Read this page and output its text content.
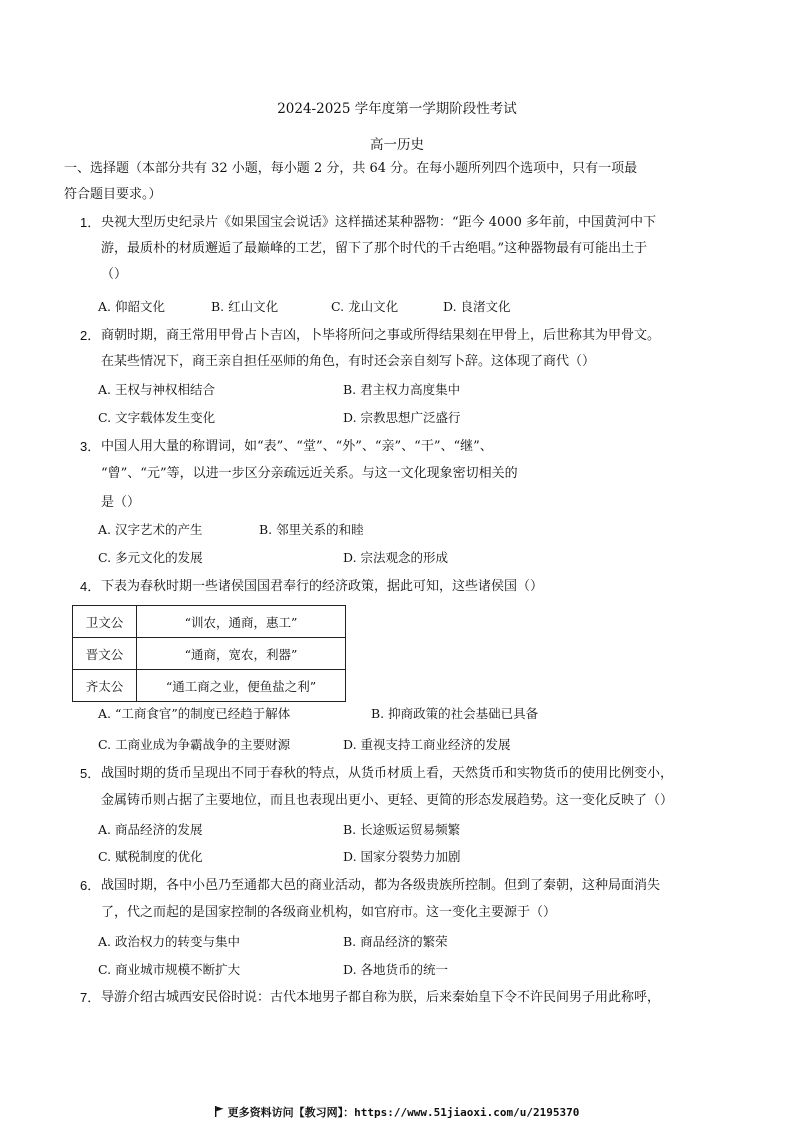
2024-2025 学年度第一学期阶段性考试
高一历史
一、选择题（本部分共有 32 小题，每小题 2 分，共 64 分。在每小题所列四个选项中，只有一项最
符合题目要求。）
1． 央视大型历史纪录片《如果国宝会说话》这样描述某种器物：“距今 4000 多年前，中国黄河中下
游，最质朴的材质邂逅了最巅峰的工艺，留下了那个时代的千古绝唱。”这种器物最有可能出土于
（）
A. 仰韶文化	B. 红山文化	C. 龙山文化	D. 良渚文化
2． 商朝时期，商王常用甲骨占卜吉凶，卜毕将所问之事或所得结果刻在甲骨上，后世称其为甲骨文。
在某些情况下，商王亲自担任巫师的角色，有时还会亲自刻写卜辞。这体现了商代（）
A. 王权与神权相结合	B. 君主权力高度集中
C. 文字载体发生变化	D. 宗教思想广泛盛行
3． 中国人用大量的称谓词，如“表”、“堂”、“外”、“亲”、“干”、“继”、
“曾”、“元”等，以进一步区分亲疏远近关系。与这一文化现象密切相关的
是（）
A. 汉字艺术的产生	B. 邻里关系的和睦
C. 多元文化的发展	D. 宗法观念的形成
4． 下表为春秋时期一些诸侯国国君奉行的经济政策，据此可知，这些诸侯国（）
卫文公	“训农，通商，惠工”
晋文公	“通商，宽农，利器”
齐太公	“通工商之业，便鱼盐之利”
A. “工商食官”的制度已经趋于解体	B. 抑商政策的社会基础已具备
C. 工商业成为争霸战争的主要财源	D. 重视支持工商业经济的发展
5． 战国时期的货币呈现出不同于春秋的特点，从货币材质上看，天然货币和实物货币的使用比例变小，
金属铸币则占据了主要地位，而且也表现出更小、更轻、更简的形态发展趋势。这一变化反映了（）
A. 商品经济的发展	B. 长途贩运贸易频繁
C. 赋税制度的优化	D. 国家分裂势力加剧
6． 战国时期，各中小邑乃至通都大邑的商业活动，都为各级贵族所控制。但到了秦朝，这种局面消失
了，代之而起的是国家控制的各级商业机构，如官府市。这一变化主要源于（）
A. 政治权力的转变与集中	B. 商品经济的繁荣
C. 商业城市规模不断扩大	D. 各地货币的统一
7． 导游介绍古城西安民俗时说：古代本地男子都自称为朕，后来秦始皇下令不许民间男子用此称呼，
更多资料访问【教习网】：https://www.51jiaoxi.com/u/2195370
